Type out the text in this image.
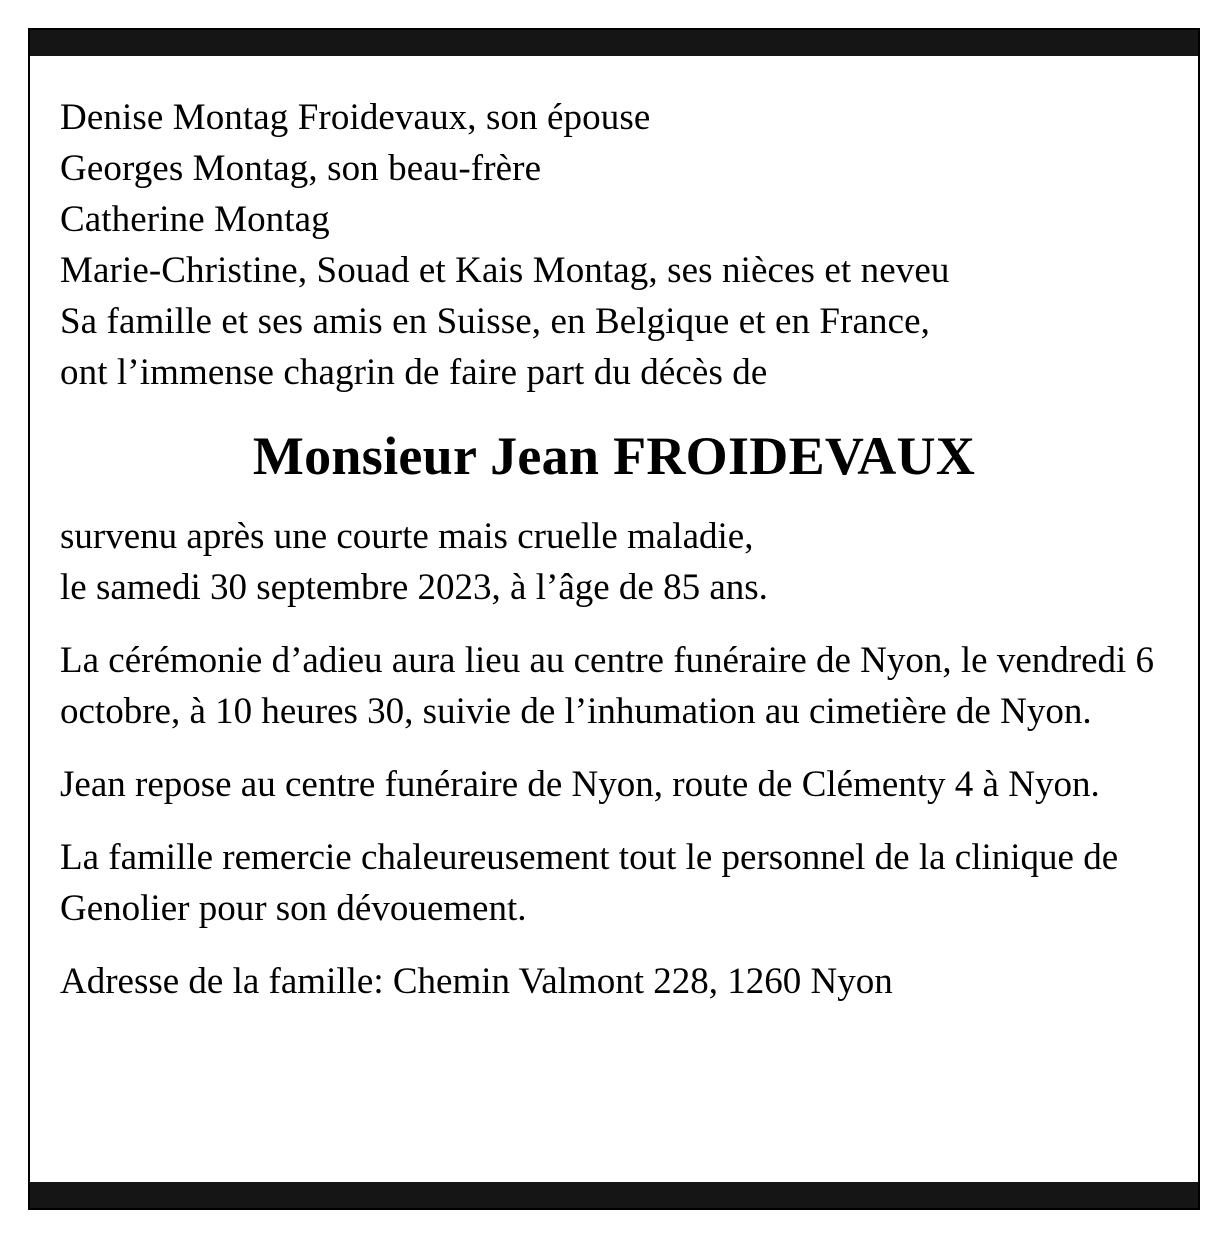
Denise Montag Froidevaux, son épouse
Georges Montag, son beau-frère
Catherine Montag
Marie-Christine, Souad et Kais Montag, ses nièces et neveu
Sa famille et ses amis en Suisse, en Belgique et en France,
ont l’immense chagrin de faire part du décès de
Monsieur Jean FROIDEVAUX
survenu après une courte mais cruelle maladie,
le samedi 30 septembre 2023, à l’âge de 85 ans.
La cérémonie d’adieu aura lieu au centre funéraire de Nyon, le vendredi 6 octobre, à 10 heures 30, suivie de l’inhumation au cimetière de Nyon.
Jean repose au centre funéraire de Nyon, route de Clémenty 4 à Nyon.
La famille remercie chaleureusement tout le personnel de la clinique de Genolier pour son dévouement.
Adresse de la famille: Chemin Valmont 228, 1260 Nyon
